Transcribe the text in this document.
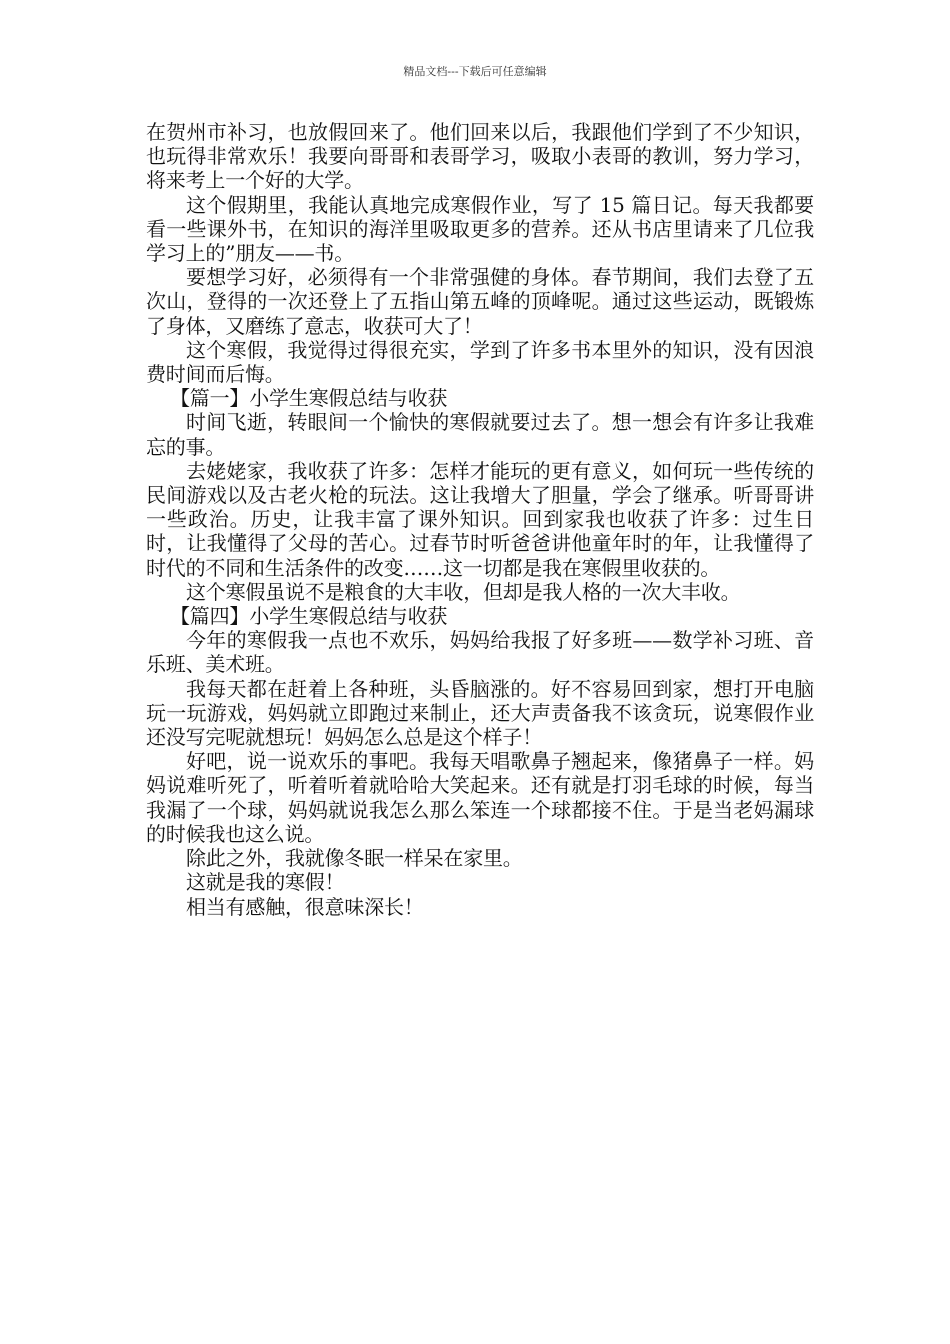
精品文档---下载后可任意编辑

在贺州市补习，也放假回来了。他们回来以后，我跟他们学到了不少知识，也玩得非常欢乐！我要向哥哥和表哥学习，吸取小表哥的教训，努力学习，将来考上一个好的大学。

这个假期里，我能认真地完成寒假作业，写了 15 篇日记。每天我都要看一些课外书，在知识的海洋里吸取更多的营养。还从书店里请来了几位我学习上的”朋友——书。

要想学习好，必须得有一个非常强健的身体。春节期间，我们去登了五次山，登得的一次还登上了五指山第五峰的顶峰呢。通过这些运动，既锻炼了身体，又磨练了意志，收获可大了！

这个寒假，我觉得过得很充实，学到了许多书本里外的知识，没有因浪费时间而后悔。

【篇一】小学生寒假总结与收获

时间飞逝，转眼间一个愉快的寒假就要过去了。想一想会有许多让我难忘的事。

去姥姥家，我收获了许多：怎样才能玩的更有意义，如何玩一些传统的民间游戏以及古老火枪的玩法。这让我增大了胆量，学会了继承。听哥哥讲一些政治。历史，让我丰富了课外知识。回到家我也收获了许多：过生日时，让我懂得了父母的苦心。过春节时听爸爸讲他童年时的年，让我懂得了时代的不同和生活条件的改变……这一切都是我在寒假里收获的。

这个寒假虽说不是粮食的大丰收，但却是我人格的一次大丰收。

【篇四】小学生寒假总结与收获

今年的寒假我一点也不欢乐，妈妈给我报了好多班——数学补习班、音乐班、美术班。

我每天都在赶着上各种班，头昏脑涨的。好不容易回到家，想打开电脑玩一玩游戏，妈妈就立即跑过来制止，还大声责备我不该贪玩，说寒假作业还没写完呢就想玩！妈妈怎么总是这个样子！

好吧，说一说欢乐的事吧。我每天唱歌鼻子翘起来，像猪鼻子一样。妈妈说难听死了，听着听着就哈哈大笑起来。还有就是打羽毛球的时候，每当我漏了一个球，妈妈就说我怎么那么笨连一个球都接不住。于是当老妈漏球的时候我也这么说。

除此之外，我就像冬眠一样呆在家里。

这就是我的寒假！

相当有感触，很意味深长！
